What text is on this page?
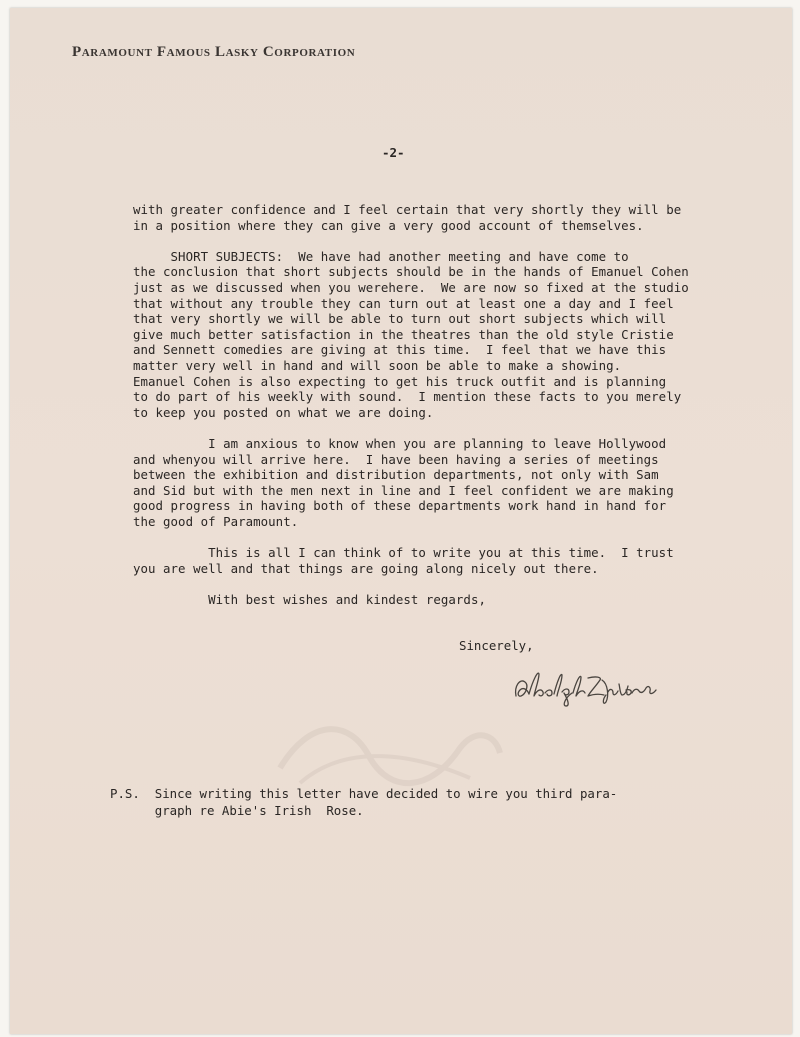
Paramount Famous Lasky Corporation
-2-
with greater confidence and I feel certain that very shortly they will be
in a position where they can give a very good account of themselves.
SHORT SUBJECTS:  We have had another meeting and have come to
the conclusion that short subjects should be in the hands of Emanuel Cohen
just as we discussed when you werehere.  We are now so fixed at the studio
that without any trouble they can turn out at least one a day and I feel
that very shortly we will be able to turn out short subjects which will
give much better satisfaction in the theatres than the old style Cristie
and Sennett comedies are giving at this time.  I feel that we have this
matter very well in hand and will soon be able to make a showing.
Emanuel Cohen is also expecting to get his truck outfit and is planning
to do part of his weekly with sound.  I mention these facts to you merely
to keep you posted on what we are doing.
I am anxious to know when you are planning to leave Hollywood
and whenyou will arrive here.  I have been having a series of meetings
between the exhibition and distribution departments, not only with Sam
and Sid but with the men next in line and I feel confident we are making
good progress in having both of these departments work hand in hand for
the good of Paramount.
This is all I can think of to write you at this time.  I trust
you are well and that things are going along nicely out there.
With best wishes and kindest regards,
Sincerely,
P.S.  Since writing this letter have decided to wire you third para-
graph re Abie's Irish  Rose.
